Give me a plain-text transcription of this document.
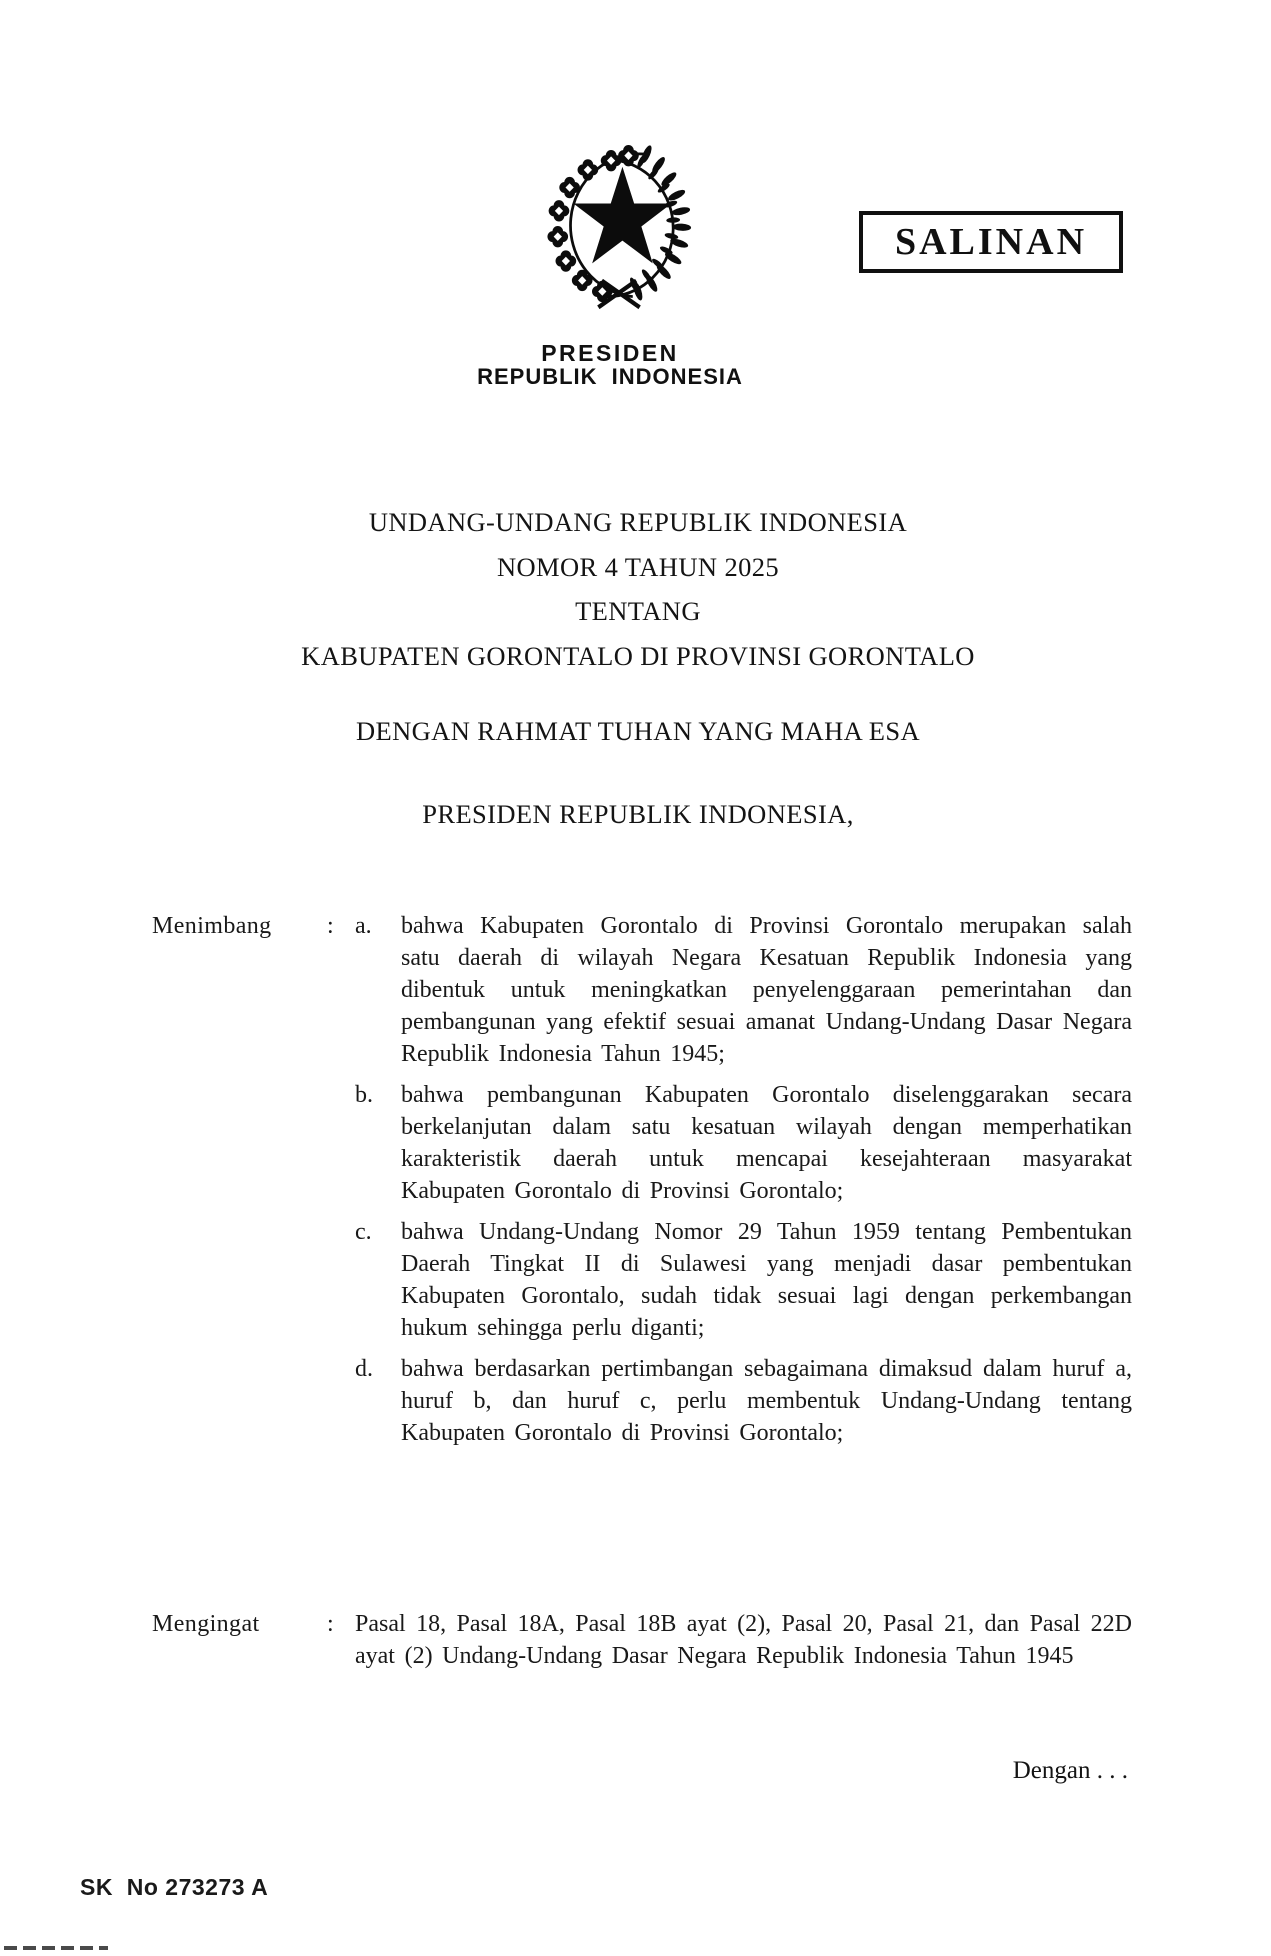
SALINAN
PRESIDEN
REPUBLIK INDONESIA
UNDANG-UNDANG REPUBLIK INDONESIA
NOMOR 4 TAHUN 2025
TENTANG
KABUPATEN GORONTALO DI PROVINSI GORONTALO
DENGAN RAHMAT TUHAN YANG MAHA ESA
PRESIDEN REPUBLIK INDONESIA,
Menimbang	: a.	bahwa Kabupaten Gorontalo di Provinsi Gorontalo merupakan salah satu daerah di wilayah Negara Kesatuan Republik Indonesia yang dibentuk untuk meningkatkan penyelenggaraan pemerintahan dan pembangunan yang efektif sesuai amanat Undang-Undang Dasar Negara Republik Indonesia Tahun 1945;
b.	bahwa pembangunan Kabupaten Gorontalo diselenggarakan secara berkelanjutan dalam satu kesatuan wilayah dengan memperhatikan karakteristik daerah untuk mencapai kesejahteraan masyarakat Kabupaten Gorontalo di Provinsi Gorontalo;
c.	bahwa Undang-Undang Nomor 29 Tahun 1959 tentang Pembentukan Daerah Tingkat II di Sulawesi yang menjadi dasar pembentukan Kabupaten Gorontalo, sudah tidak sesuai lagi dengan perkembangan hukum sehingga perlu diganti;
d.	bahwa berdasarkan pertimbangan sebagaimana dimaksud dalam huruf a, huruf b, dan huruf c, perlu membentuk Undang-Undang tentang Kabupaten Gorontalo di Provinsi Gorontalo;
Mengingat	: Pasal 18, Pasal 18A, Pasal 18B ayat (2), Pasal 20, Pasal 21, dan Pasal 22D ayat (2) Undang-Undang Dasar Negara Republik Indonesia Tahun 1945
Dengan . . .
SK  No 273273 A
